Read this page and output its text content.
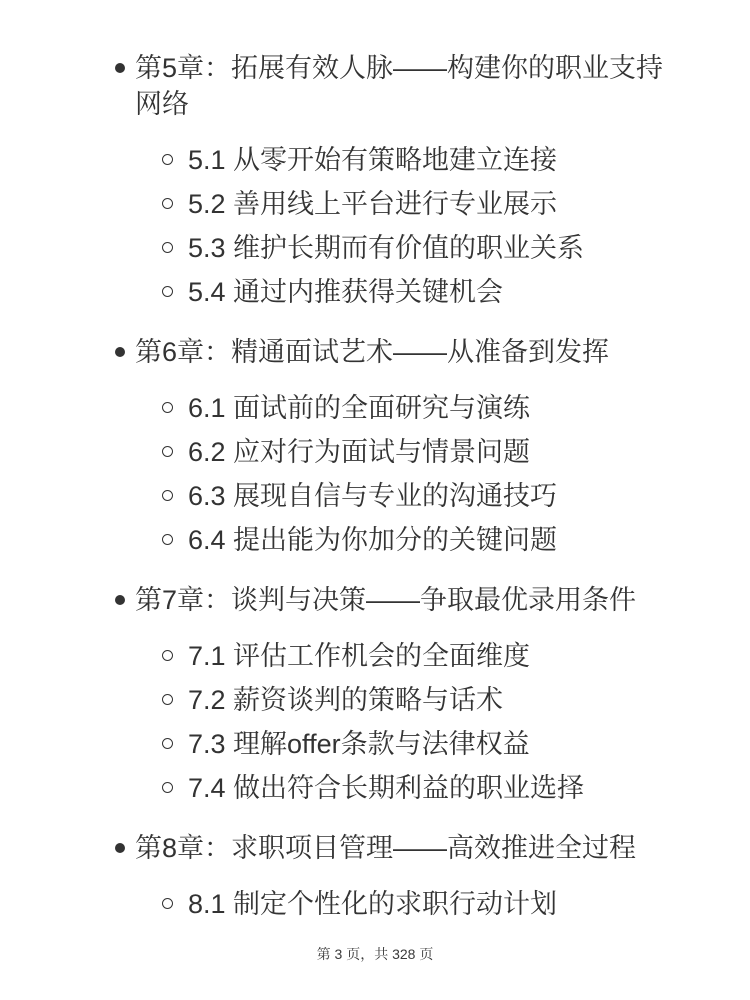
第5章：拓展有效人脉——构建你的职业支持网络
5.1 从零开始有策略地建立连接
5.2 善用线上平台进行专业展示
5.3 维护长期而有价值的职业关系
5.4 通过内推获得关键机会
第6章：精通面试艺术——从准备到发挥
6.1 面试前的全面研究与演练
6.2 应对行为面试与情景问题
6.3 展现自信与专业的沟通技巧
6.4 提出能为你加分的关键问题
第7章：谈判与决策——争取最优录用条件
7.1 评估工作机会的全面维度
7.2 薪资谈判的策略与话术
7.3 理解offer条款与法律权益
7.4 做出符合长期利益的职业选择
第8章：求职项目管理——高效推进全过程
8.1 制定个性化的求职行动计划
第 3 页，共 328 页
